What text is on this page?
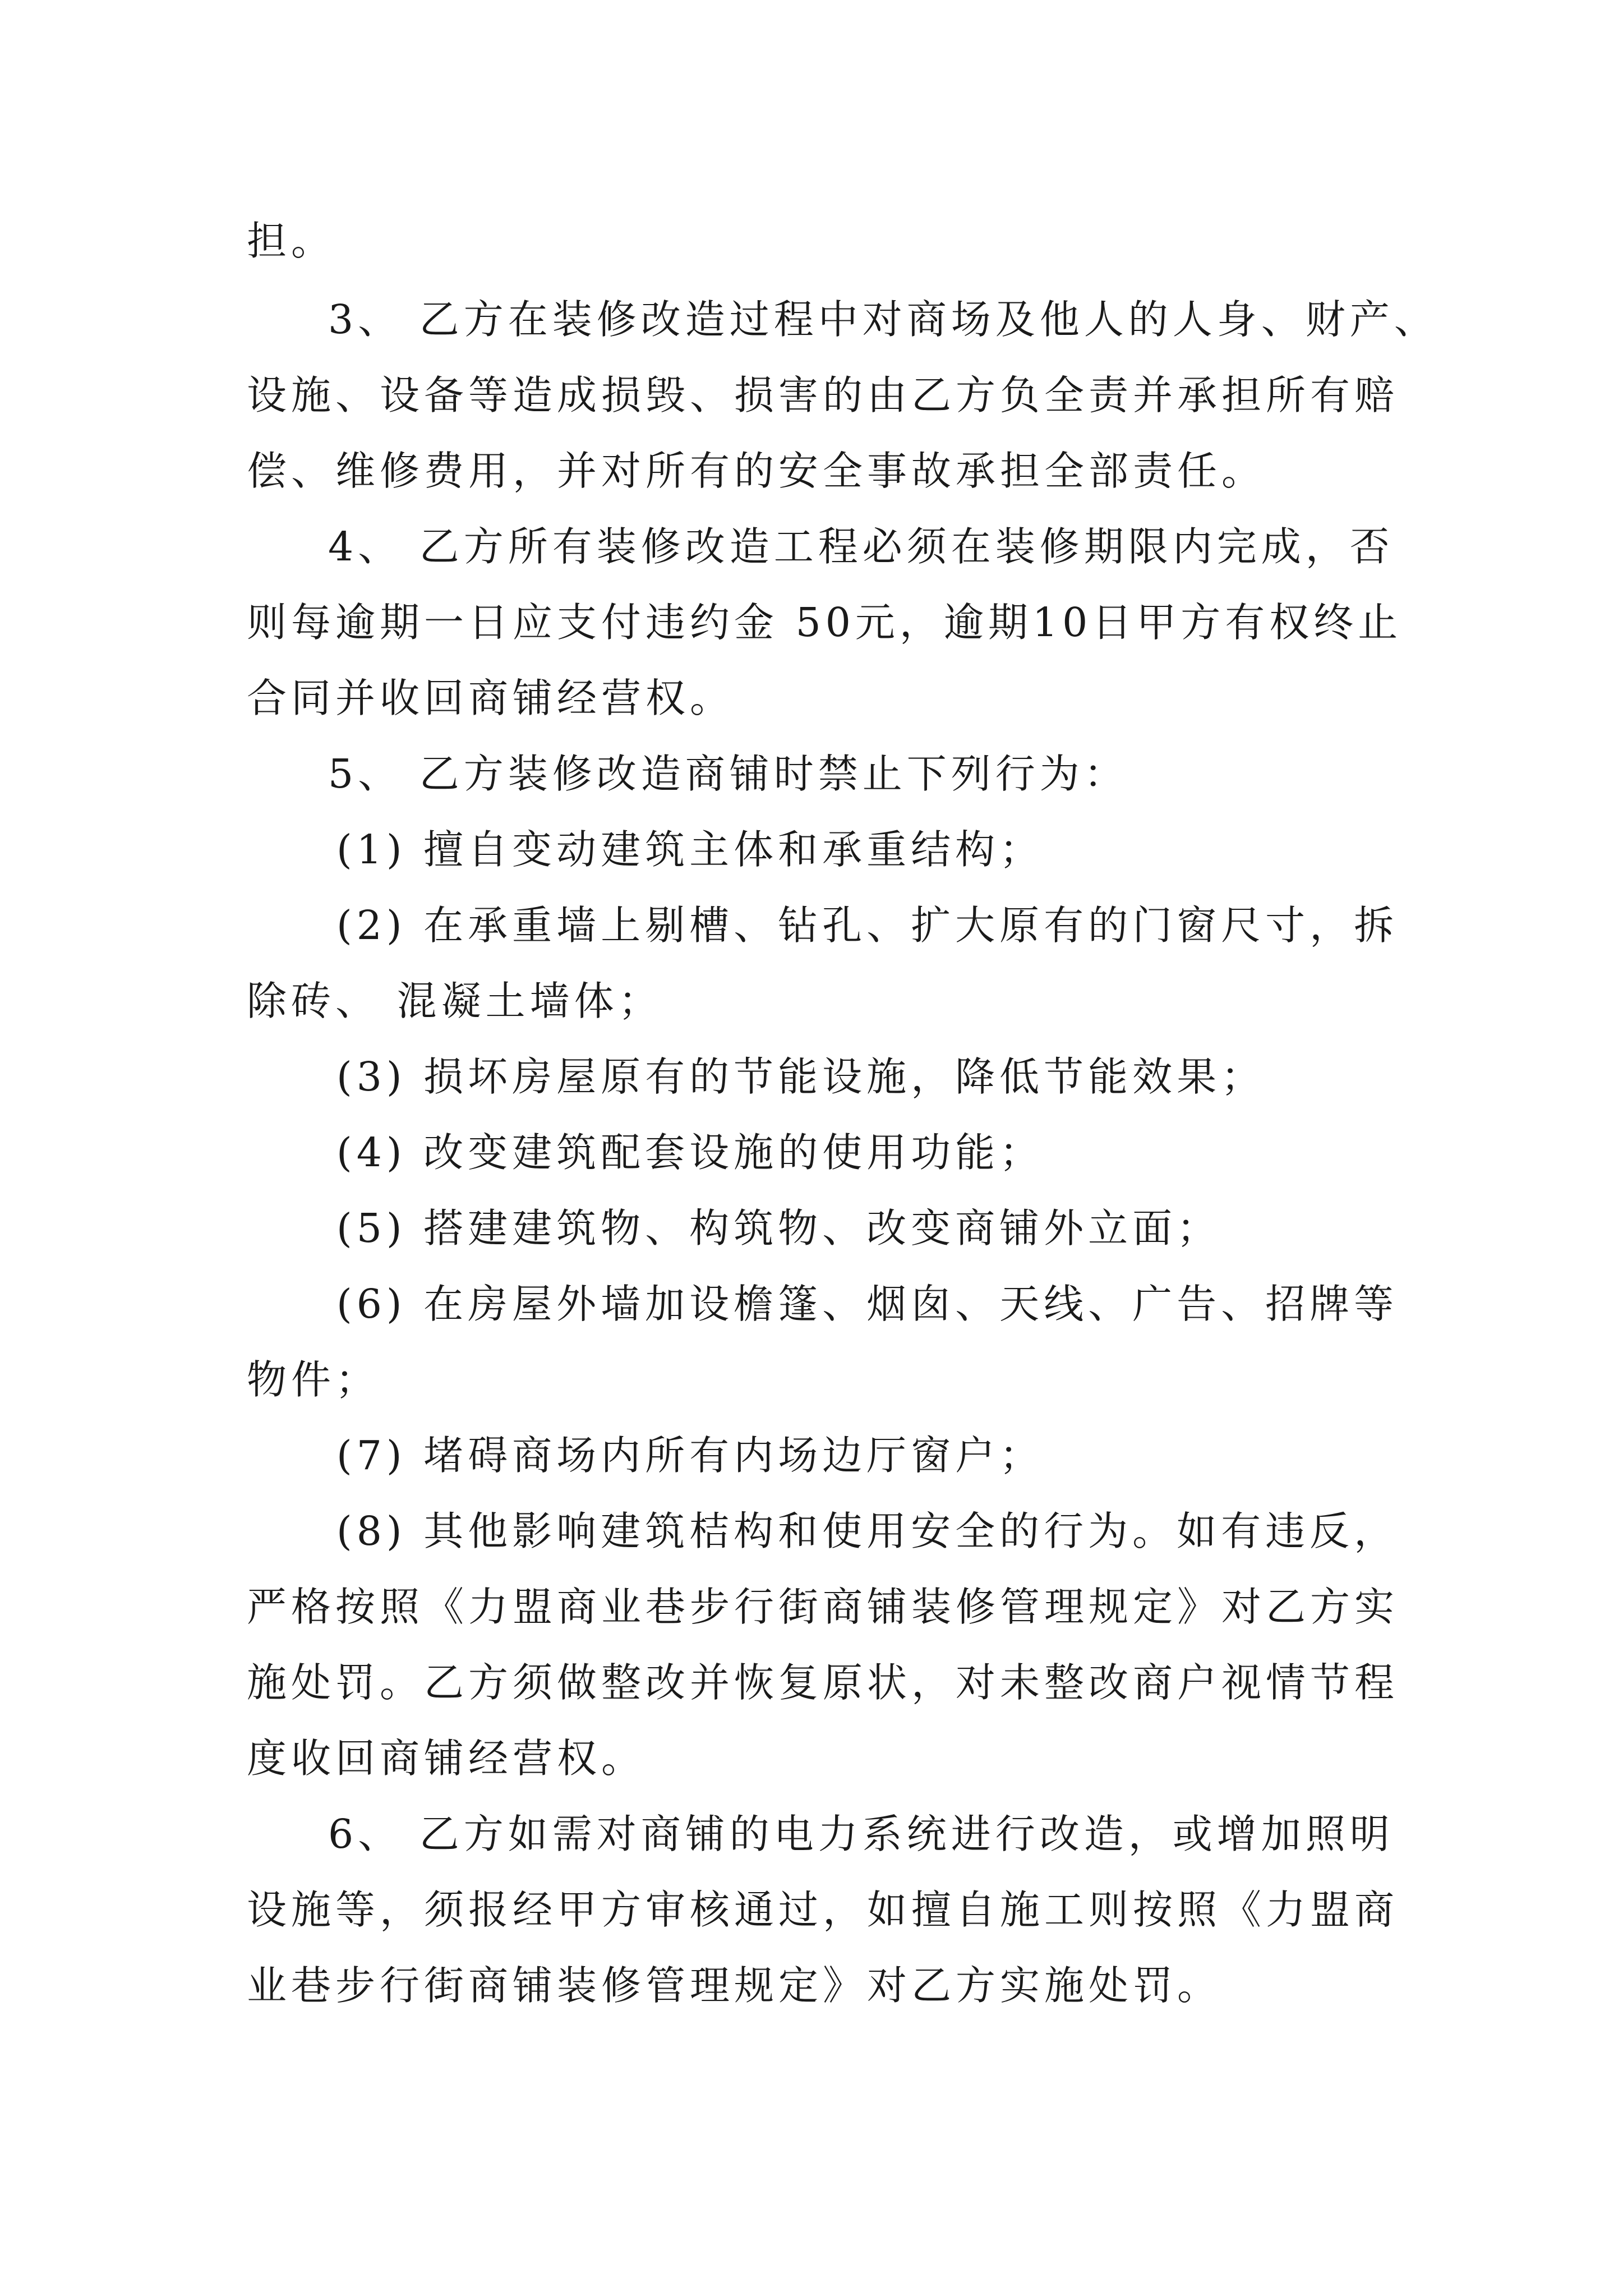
担。
3、 乙方在装修改造过程中对商场及他人的人身、财产、
设施、设备等造成损毁、损害的由乙方负全责并承担所有赔
偿、维修费用，并对所有的安全事故承担全部责任。
4、 乙方所有装修改造工程必须在装修期限内完成，否
则每逾期一日应支付违约金 50元，逾期10日甲方有权终止
合同并收回商铺经营权。
5、 乙方装修改造商铺时禁止下列行为：
(1) 擅自变动建筑主体和承重结构；
(2) 在承重墙上剔槽、钻孔、扩大原有的门窗尺寸，拆
除砖、 混凝土墙体；
(3) 损坏房屋原有的节能设施，降低节能效果；
(4) 改变建筑配套设施的使用功能；
(5) 搭建建筑物、构筑物、改变商铺外立面；
(6) 在房屋外墙加设檐篷、烟囱、天线、广告、招牌等
物件；
(7) 堵碍商场内所有内场边厅窗户；
(8) 其他影响建筑桔构和使用安全的行为。如有违反，
严格按照《力盟商业巷步行街商铺装修管理规定》对乙方实
施处罚。乙方须做整改并恢复原状，对未整改商户视情节程
度收回商铺经营权。
6、 乙方如需对商铺的电力系统进行改造，或增加照明
设施等，须报经甲方审核通过，如擅自施工则按照《力盟商
业巷步行街商铺装修管理规定》对乙方实施处罚。
